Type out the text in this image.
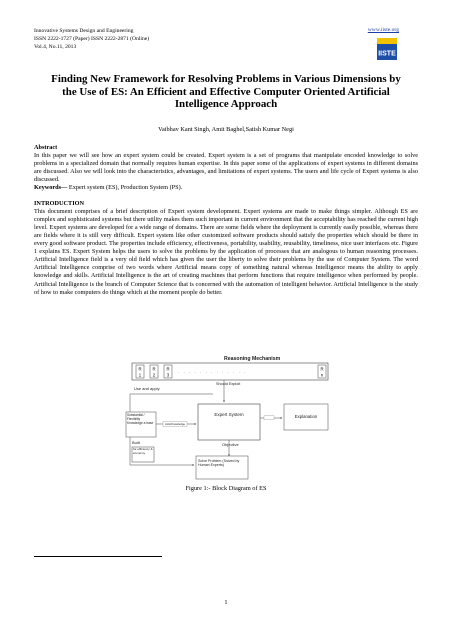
Innovative Systems Design and Engineering
ISSN 2222-1727 (Paper) ISSN 2222-2871 (Online)
Vol.4, No.11, 2013
www.iiste.org
IISTE
Finding New Framework for Resolving Problems in Various Dimensions by the Use of ES: An Efficient and Effective Computer Oriented Artificial Intelligence Approach
Vaibhav Kant Singh, Amit Baghel,Satish Kumar Negi
Abstract

In this paper we will see how an expert system could be created. Expert system is a set of programs that manipulate encoded knowledge to solve problems in a specialized domain that normally requires human expertise. In this paper some of the applications of expert systems in different domains are discussed. Also we will look into the characteristics, advantages, and limitations of expert systems. The users and life cycle of Expert systems is also discussed.

Keywords— Expert system (ES), Production System (PS).

INTRODUCTION

This document comprises of a brief description of Expert system development. Expert systems are made to make things simpler. Although ES are complex and sophisticated systems but there utility makes them such important in current environment that the acceptability has reached the current high level. Expert systems are developed for a wide range of domains. There are some fields where the deployment is currently easily possible, whereas there are fields where it is still very difficult. Expert system like other customized software products should satisfy the properties which should be there in every good software product. The properties include efficiency, effectiveness, portability, usability, reusability, timeliness, nice user interfaces etc. Figure 1 explains ES. Expert System helps the users to solve the problems by the application of processes that are analogous to human reasoning processes. Artificial Intelligence field is a very old field which has given the user the liberty to solve their problems by the use of Computer System. The word Artificial Intelligence comprise of two words where Artificial means copy of something natural whereas Intelligence means the ability to apply knowledge and skills. Artificial Intelligence is the art of creating machines that perform functions that require intelligence when performed by people. Artificial Intelligence is the branch of Computer Science that is concerned with the automation of intelligent behavior. Artificial Intelligence is the study of how to make computers do things which at the moment people do better.

Reasoning Mechanism
R
1
R
2
R
3
. . . . . . . . . . . . .	R
n
Use and apply
Should Exploit
Substantial / Flexibility Knowledge a base	Acts/Knowledge
Expert System	Explanation
Objective
Built
for efficiency & economy
Solve Problem (Solved by Human Experts)
Figure 1:- Block Diagram of ES
1
